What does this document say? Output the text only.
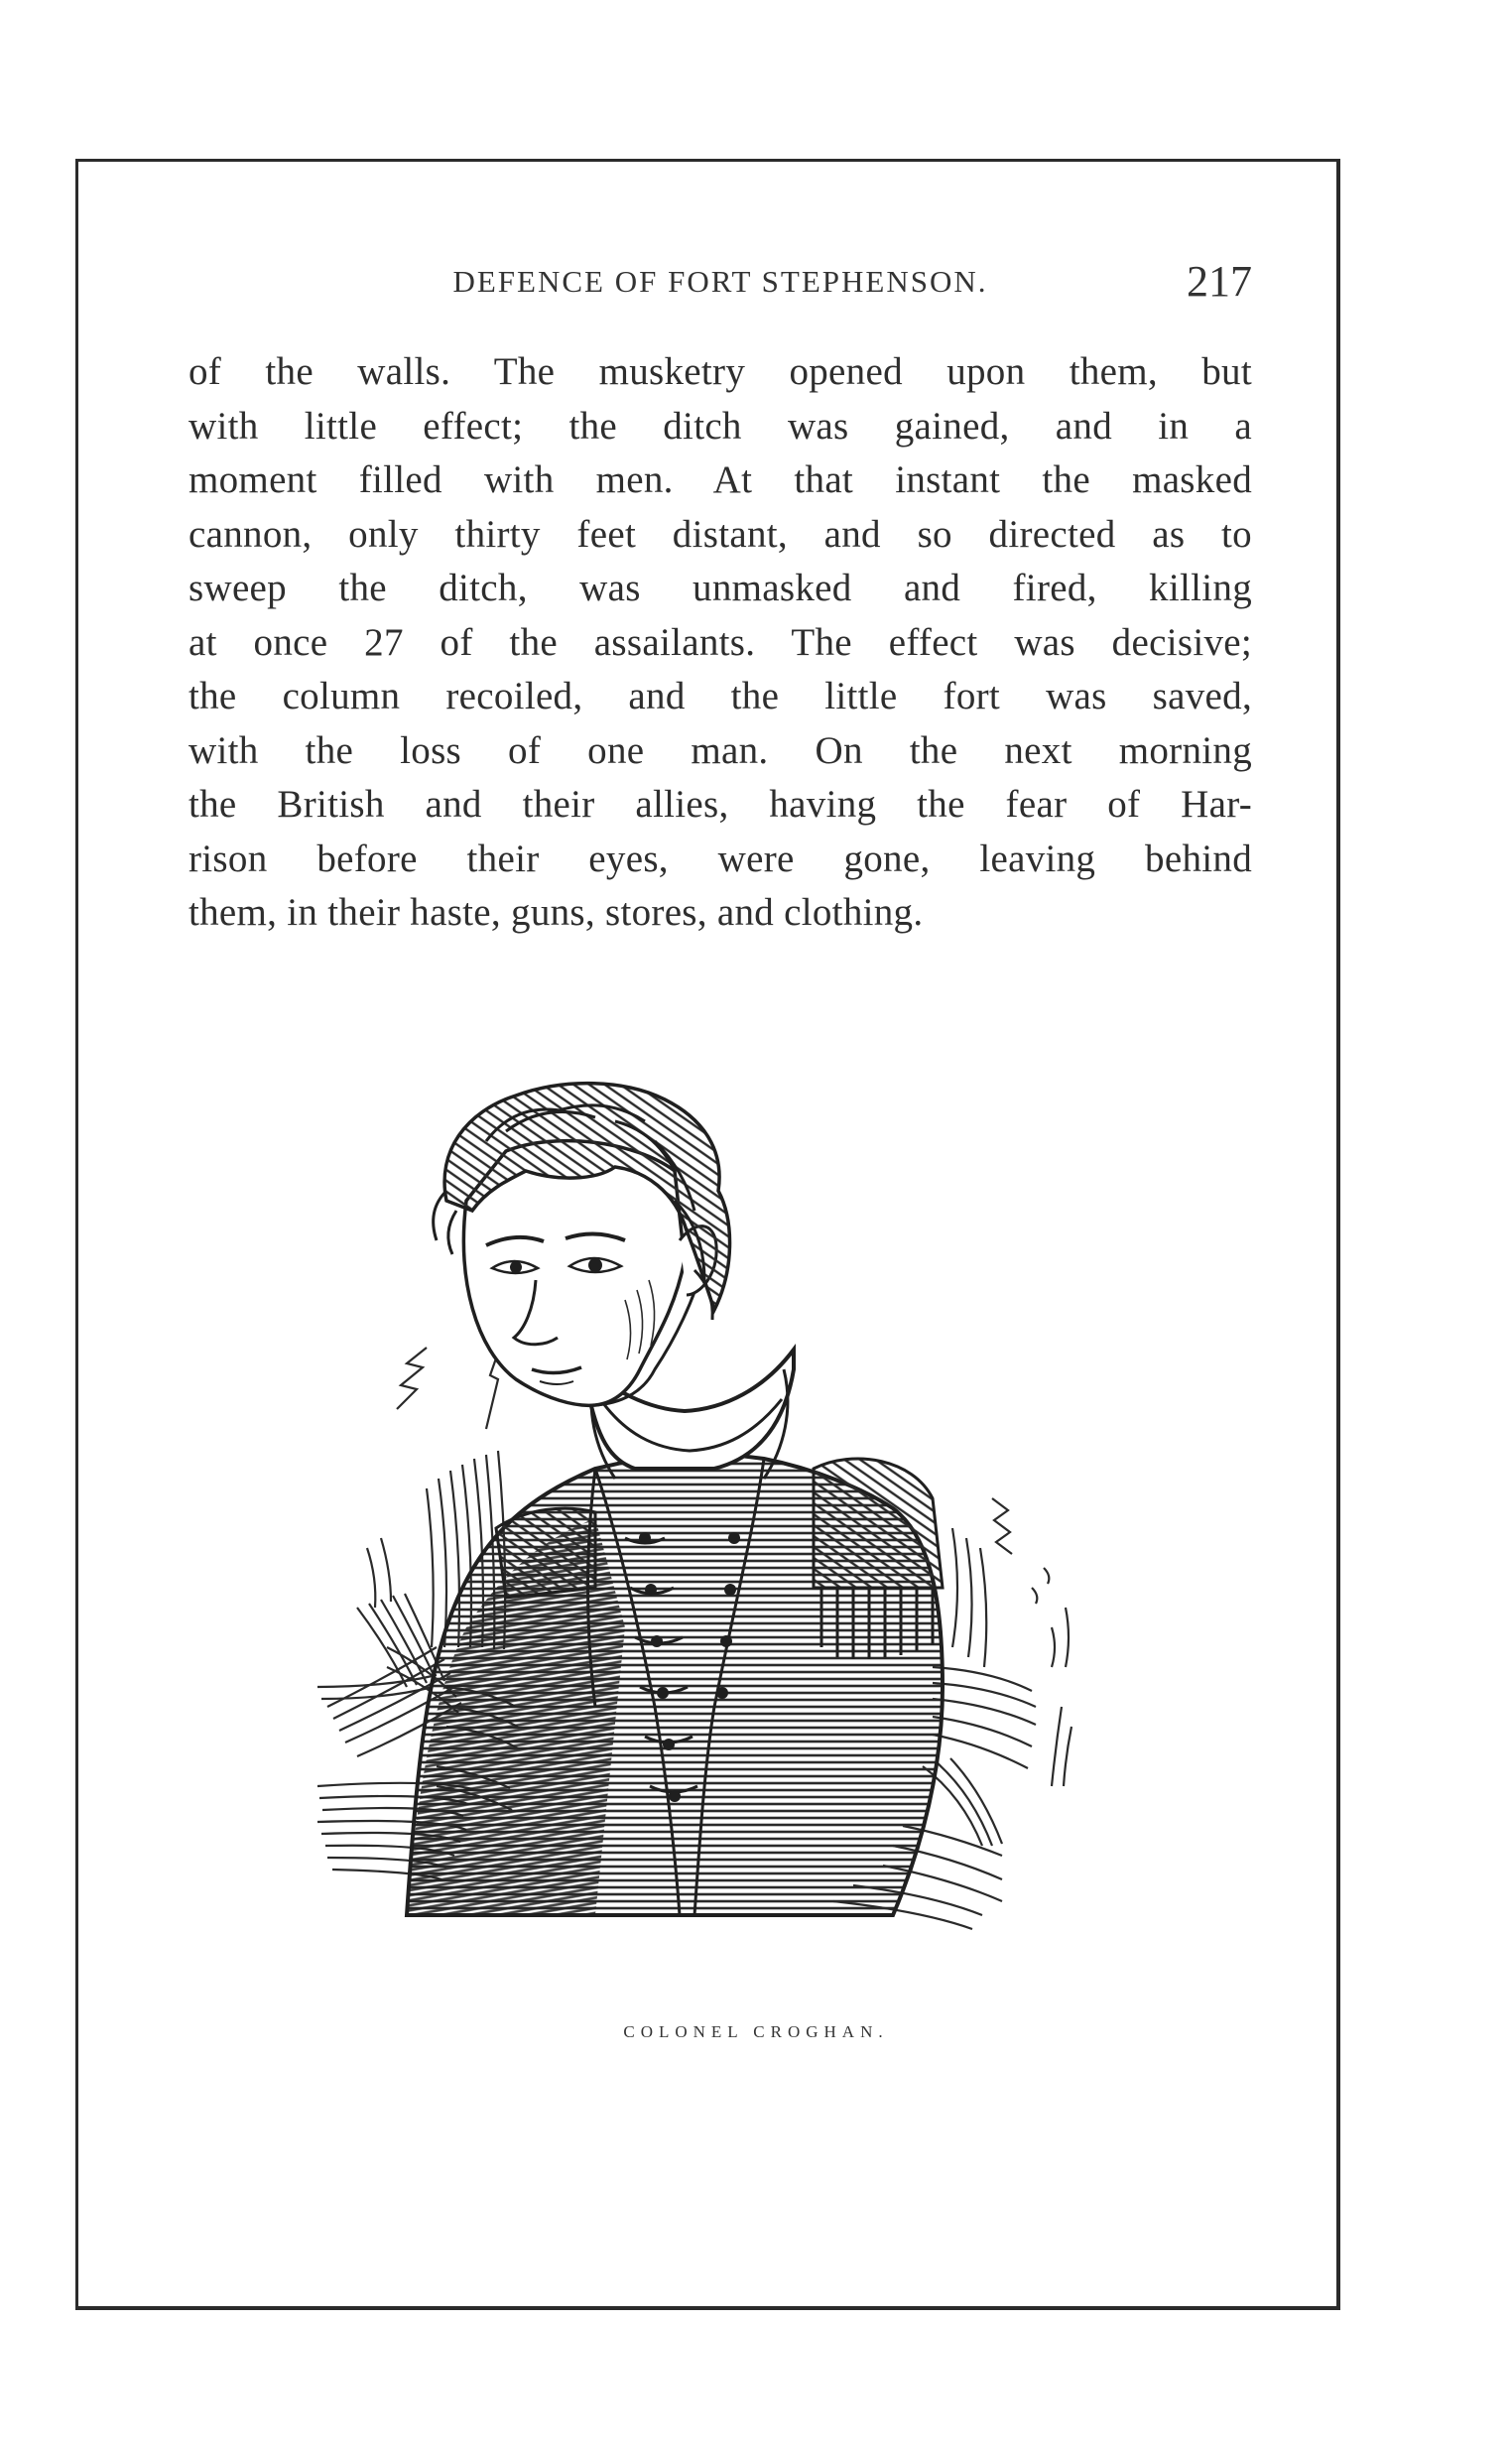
DEFENCE OF FORT STEPHENSON.	217
of the walls. The musketry opened upon them, but
with little effect; the ditch was gained, and in a
moment filled with men. At that instant the masked
cannon, only thirty feet distant, and so directed as to
sweep the ditch, was unmasked and fired, killing
at once 27 of the assailants. The effect was decisive;
the column recoiled, and the little fort was saved,
with the loss of one man. On the next morning
the British and their allies, having the fear of Har-
rison before their eyes, were gone, leaving behind
them, in their haste, guns, stores, and clothing.
COLONEL CROGHAN.
